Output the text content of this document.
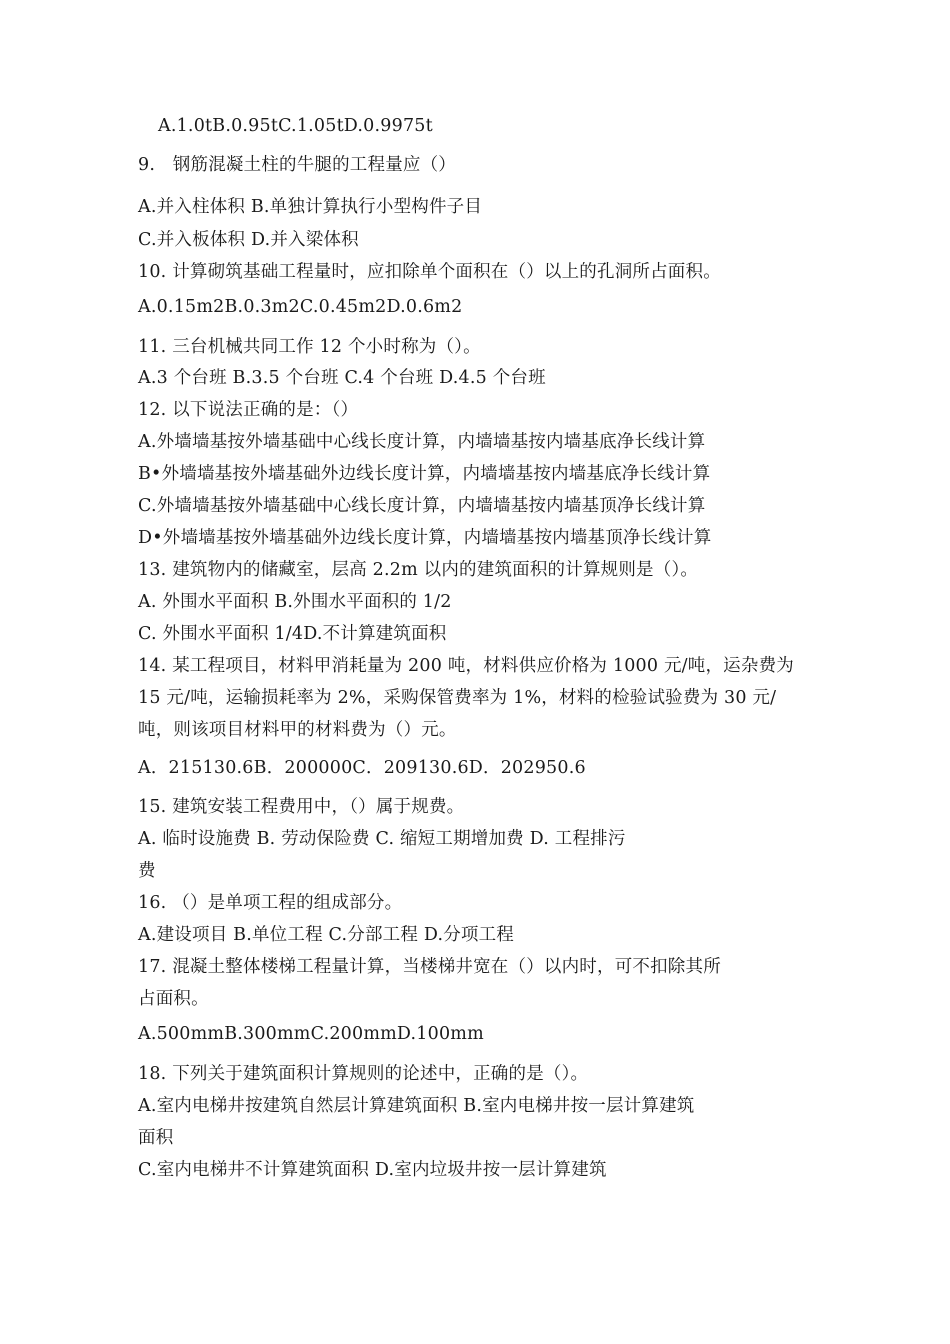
A.1.0tB.0.95tC.1.05tD.0.9975t
9.　钢筋混凝土柱的牛腿的工程量应（）
A.并入柱体积 B.单独计算执行小型构件子目
C.并入板体积 D.并入梁体积
10. 计算砌筑基础工程量时，应扣除单个面积在（）以上的孔洞所占面积。
A.0.15m2B.0.3m2C.0.45m2D.0.6m2
11. 三台机械共同工作 12 个小时称为（）。
A.3 个台班 B.3.5 个台班 C.4 个台班 D.4.5 个台班
12. 以下说法正确的是：（）
A.外墙墙基按外墙基础中心线长度计算，内墙墙基按内墙基底净长线计算
B•外墙墙基按外墙基础外边线长度计算，内墙墙基按内墙基底净长线计算
C.外墙墙基按外墙基础中心线长度计算，内墙墙基按内墙基顶净长线计算
D•外墙墙基按外墙基础外边线长度计算，内墙墙基按内墙基顶净长线计算
13. 建筑物内的储藏室，层高 2.2m 以内的建筑面积的计算规则是（）。
A. 外围水平面积 B.外围水平面积的 1/2
C. 外围水平面积 1/4D.不计算建筑面积
14. 某工程项目，材料甲消耗量为 200 吨，材料供应价格为 1000 元/吨，运杂费为
15 元/吨，运输损耗率为 2%，采购保管费率为 1%，材料的检验试验费为 30 元/
吨，则该项目材料甲的材料费为（）元。
A．215130.6B．200000C．209130.6D．202950.6
15. 建筑安装工程费用中，（）属于规费。
A. 临时设施费 B. 劳动保险费 C. 缩短工期增加费 D. 工程排污
费
16. （）是单项工程的组成部分。
A.建设项目 B.单位工程 C.分部工程 D.分项工程
17. 混凝土整体楼梯工程量计算，当楼梯井宽在（）以内时，可不扣除其所
占面积。
A.500mmB.300mmC.200mmD.100mm
18. 下列关于建筑面积计算规则的论述中，正确的是（）。
A.室内电梯井按建筑自然层计算建筑面积 B.室内电梯井按一层计算建筑
面积
C.室内电梯井不计算建筑面积 D.室内垃圾井按一层计算建筑
